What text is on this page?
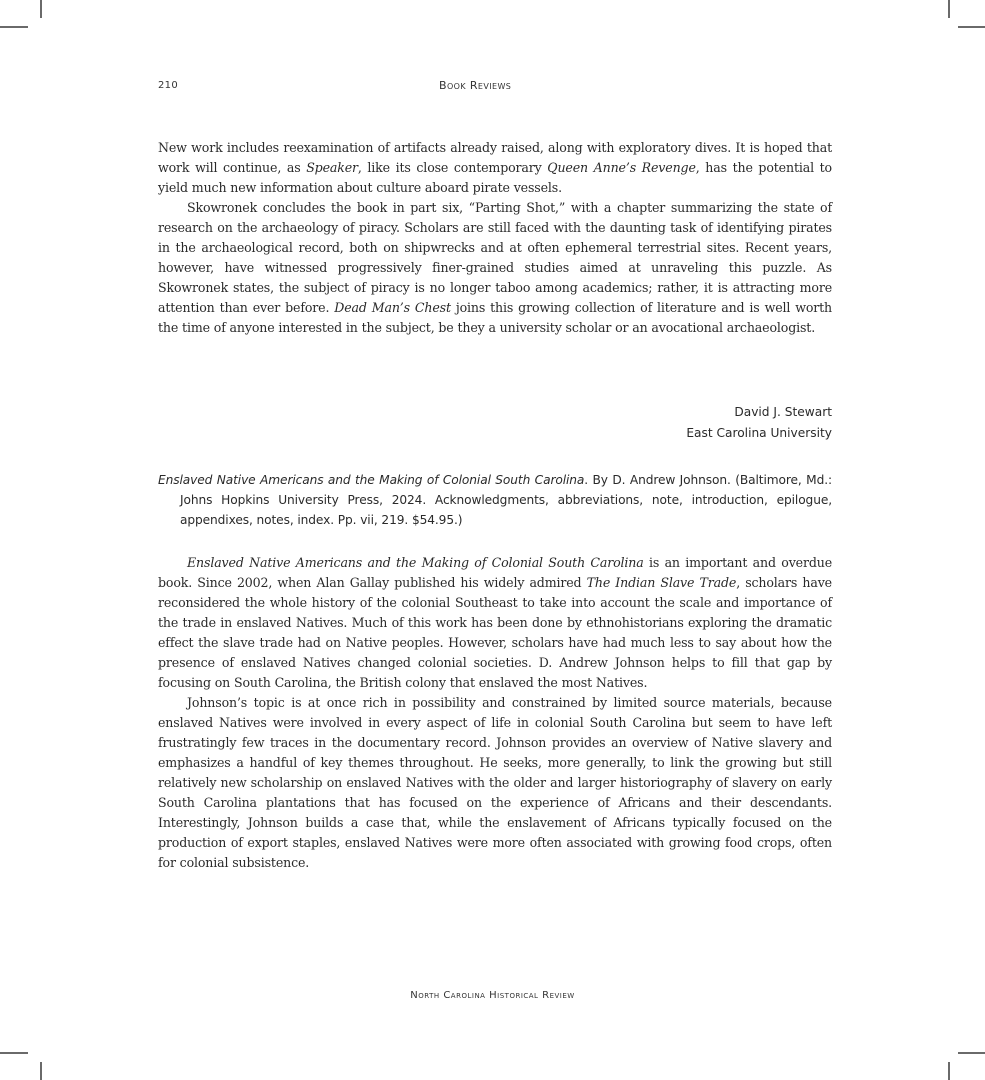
210	Book Reviews

New work includes reexamination of artifacts already raised, along with exploratory dives. It is hoped that work will continue, as Speaker, like its close contemporary Queen Anne’s Revenge, has the potential to yield much new information about culture aboard pirate vessels.

Skowronek concludes the book in part six, “Parting Shot,” with a chapter summarizing the state of research on the archaeology of piracy. Scholars are still faced with the daunting task of identifying pirates in the archaeological record, both on shipwrecks and at often ephemeral terrestrial sites. Recent years, however, have witnessed progressively finer-grained studies aimed at unraveling this puzzle. As Skowronek states, the subject of piracy is no longer taboo among academics; rather, it is attracting more attention than ever before. Dead Man’s Chest joins this growing collection of literature and is well worth the time of anyone interested in the subject, be they a university scholar or an avocational archaeologist.

David J. Stewart
East Carolina University
Enslaved Native Americans and the Making of Colonial South Carolina. By D. Andrew Johnson. (Baltimore, Md.: Johns Hopkins University Press, 2024. Acknowledgments, abbreviations, note, introduction, epilogue, appendixes, notes, index. Pp. vii, 219. $54.95.)

Enslaved Native Americans and the Making of Colonial South Carolina is an important and overdue book. Since 2002, when Alan Gallay published his widely admired The Indian Slave Trade, scholars have reconsidered the whole history of the colonial Southeast to take into account the scale and importance of the trade in enslaved Natives. Much of this work has been done by ethnohistorians exploring the dramatic effect the slave trade had on Native peoples. However, scholars have had much less to say about how the presence of enslaved Natives changed colonial societies. D. Andrew Johnson helps to fill that gap by focusing on South Carolina, the British colony that enslaved the most Natives.

Johnson’s topic is at once rich in possibility and constrained by limited source materials, because enslaved Natives were involved in every aspect of life in colonial South Carolina but seem to have left frustratingly few traces in the documentary record. Johnson provides an overview of Native slavery and emphasizes a handful of key themes throughout. He seeks, more generally, to link the growing but still relatively new scholarship on enslaved Natives with the older and larger historiography of slavery on early South Carolina plantations that has focused on the experience of Africans and their descendants. Interestingly, Johnson builds a case that, while the enslavement of Africans typically focused on the production of export staples, enslaved Natives were more often associated with growing food crops, often for colonial subsistence.

North Carolina Historical Review
